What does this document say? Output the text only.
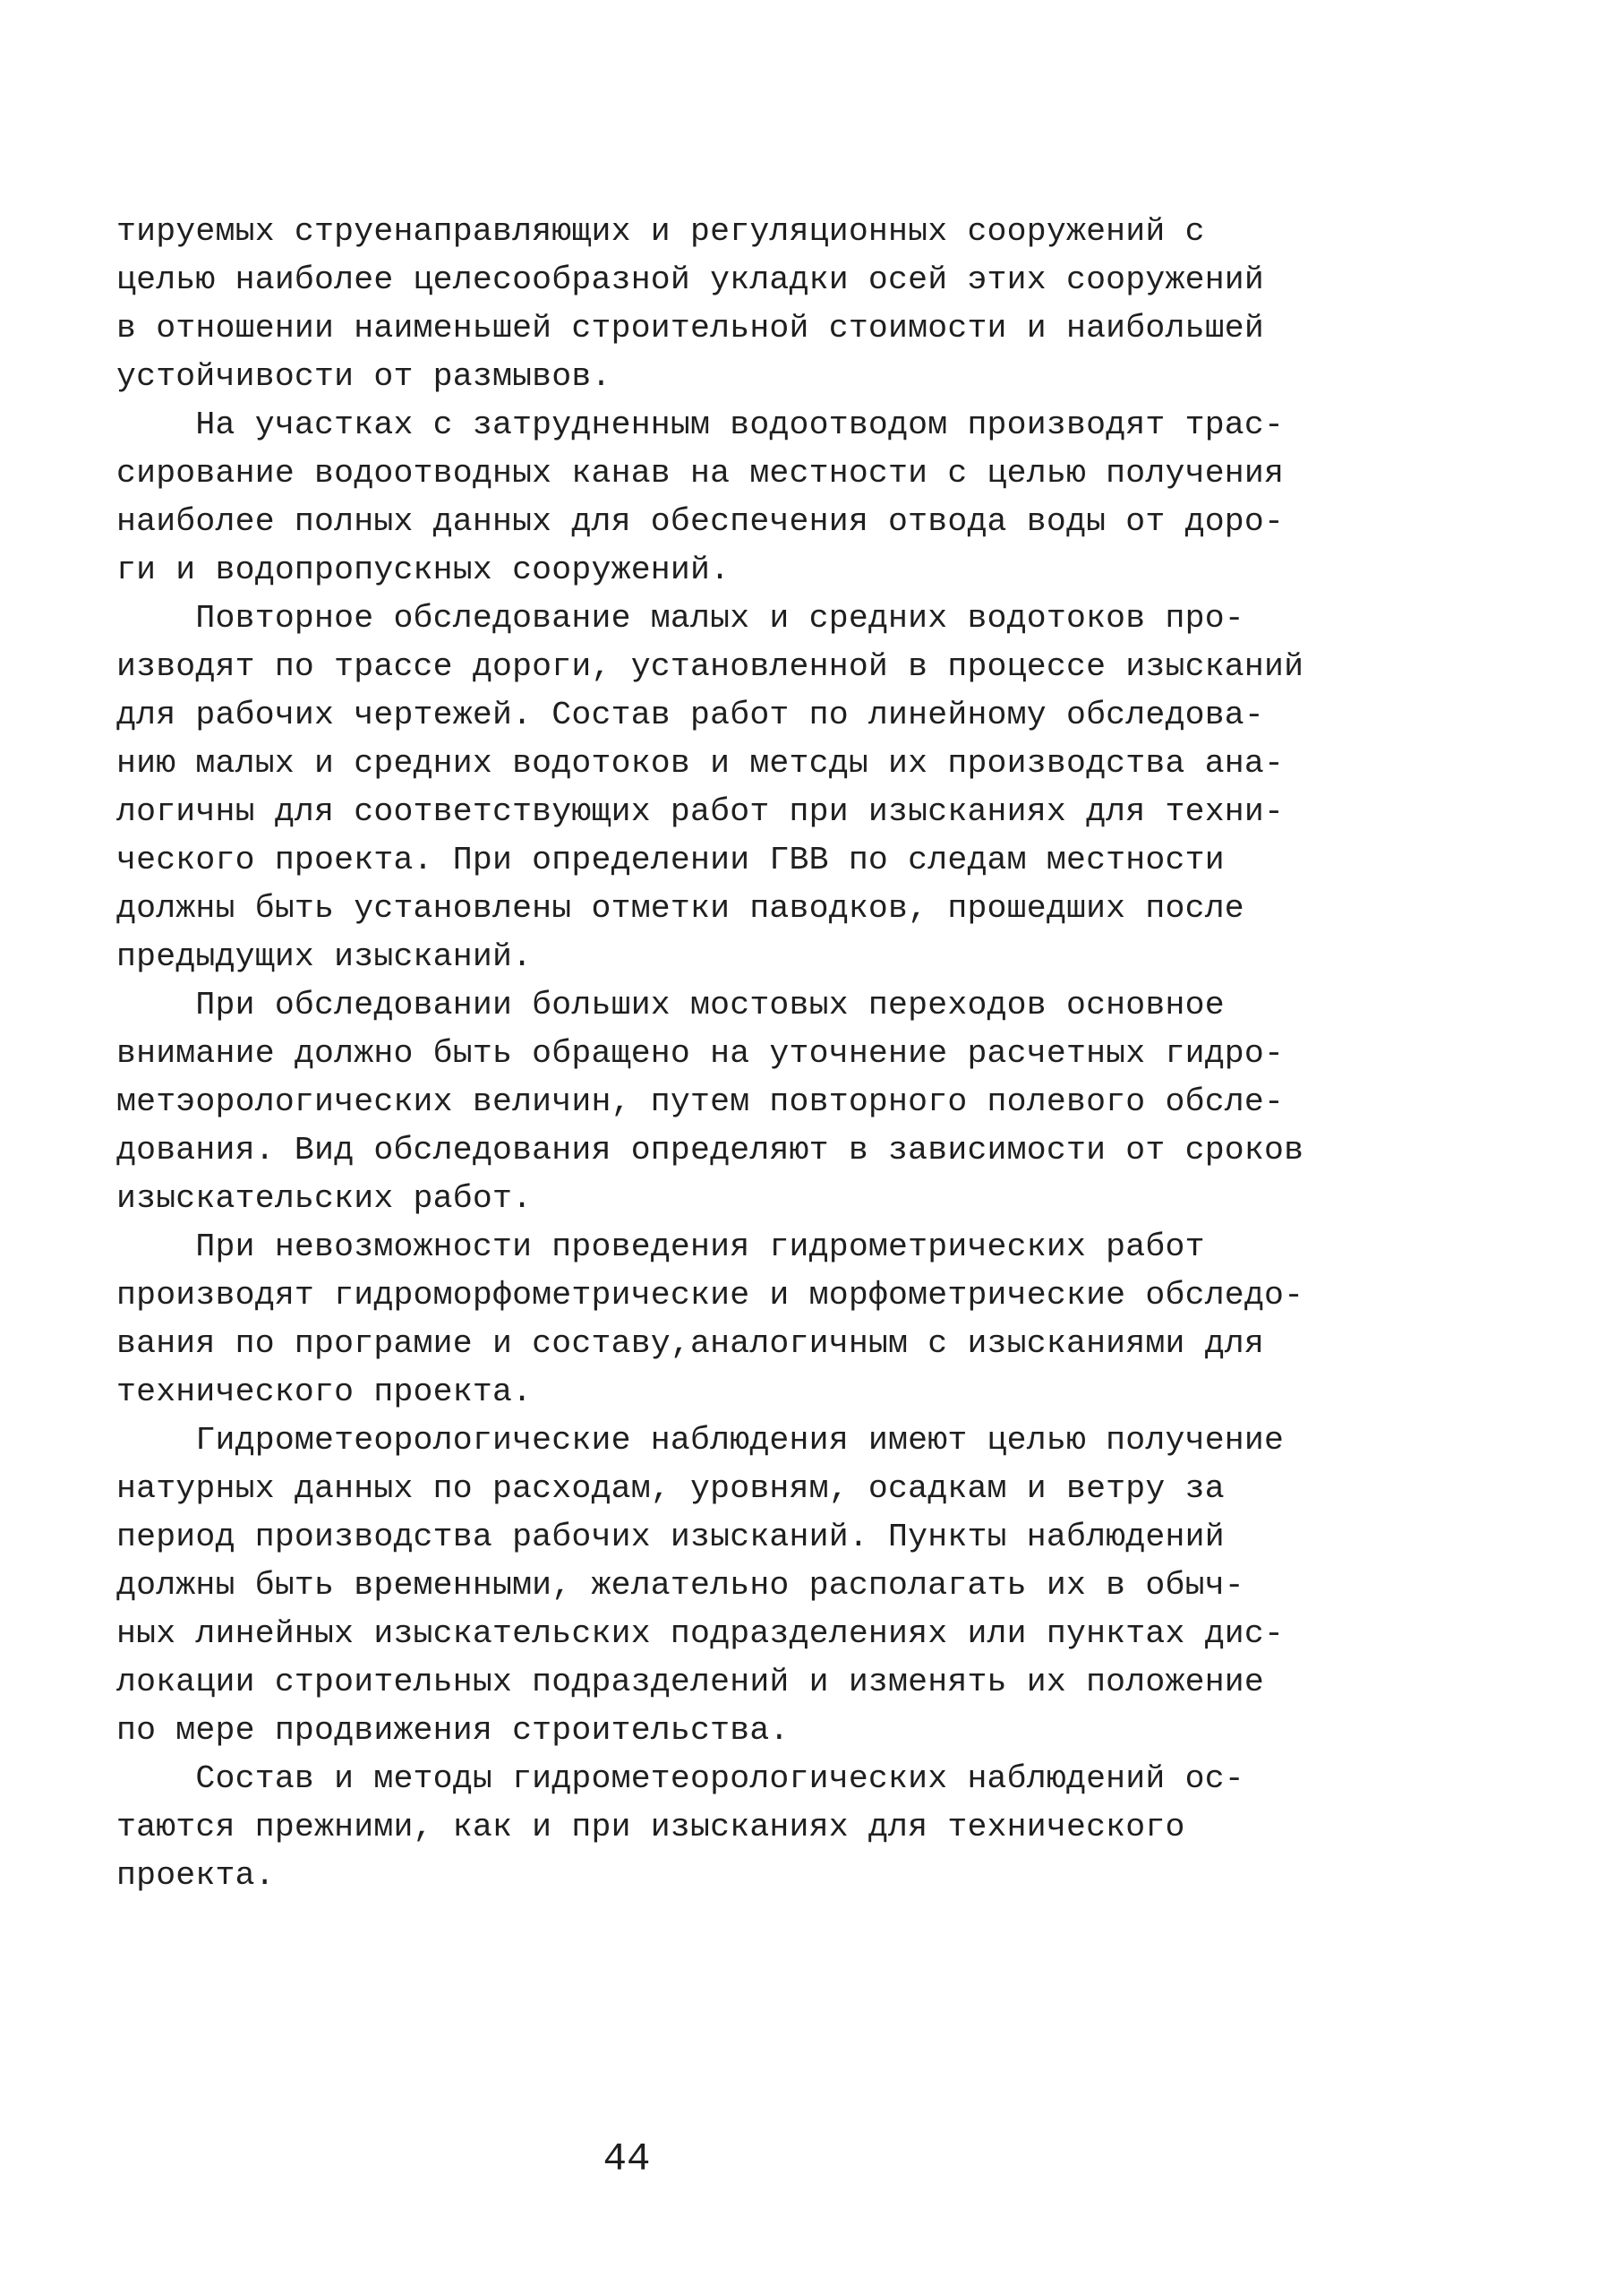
тируемых струенаправляющих и регуляционных сооружений с
целью наиболее целесообразной укладки осей этих сооружений
в отношении наименьшей строительной стоимости и наибольшей
устойчивости от размывов.
На участках с затрудненным водоотводом производят трас-
сирование водоотводных канав на местности с целью получения
наиболее полных данных для обеспечения отвода воды от доро-
ги и водопропускных сооружений.
Повторное обследование малых и средних водотоков про-
изводят по трассе дороги, установленной в процессе изысканий
для рабочих чертежей. Состав работ по линейному обследова-
нию малых и средних водотоков и метсды их производства ана-
логичны для соответствующих работ при изысканиях для техни-
ческого проекта. При определении ГВВ по следам местности
должны быть установлены отметки паводков, прошедших после
предыдущих изысканий.
При обследовании больших мостовых переходов основное
внимание должно быть обращено на уточнение расчетных гидро-
метэорологических величин, путем повторного полевого обсле-
дования. Вид обследования определяют в зависимости от сроков
изыскательских работ.
При невозможности проведения гидрометрических работ
производят гидроморфометрические и морфометрические обследо-
вания по програмие и составу,аналогичным с изысканиями для
технического проекта.
Гидрометеорологические наблюдения имеют целью получение
натурных данных по расходам, уровням, осадкам и ветру за
период производства рабочих изысканий. Пункты наблюдений
должны быть временными, желательно располагать их в обыч-
ных линейных изыскательских подразделениях или пунктах дис-
локации строительных подразделений и изменять их положение
по мере продвижения строительства.
Состав и методы гидрометеорологических наблюдений ос-
таются прежними, как и при изысканиях для технического
проекта.
44
